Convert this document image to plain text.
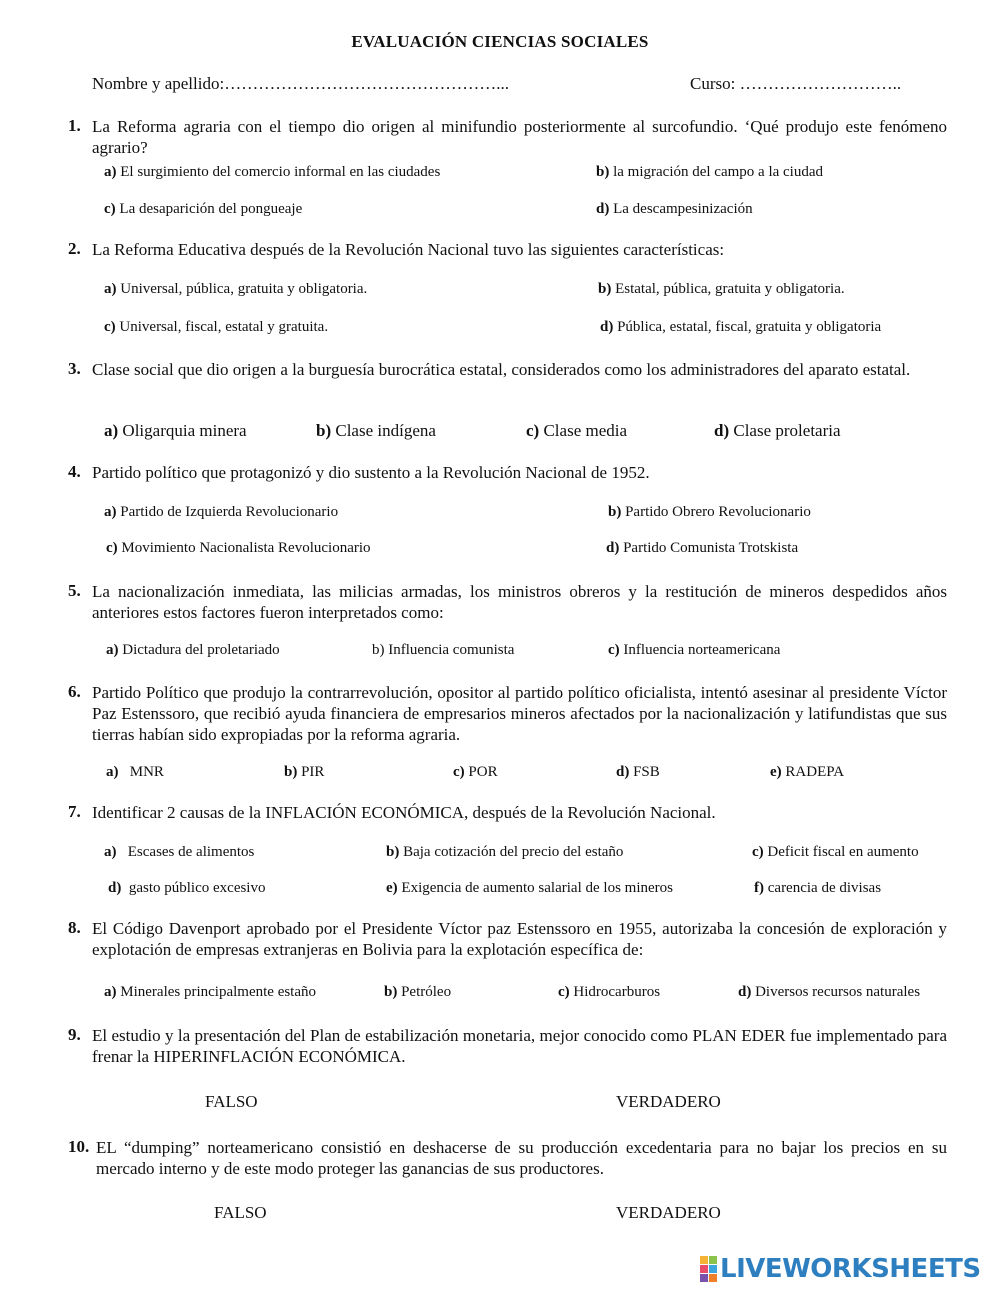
EVALUACIÓN CIENCIAS SOCIALES
Nombre y apellido:…………………………………………...	Curso: ………………………..
1. La Reforma agraria con el tiempo dio origen al minifundio posteriormente al surcofundio. ‘Qué produjo este fenómeno agrario?
a) El surgimiento del comercio informal en las ciudades	b) la migración del campo a la ciudad
c) La desaparición del pongueaje	d) La descampesinización
2. La Reforma Educativa después de la Revolución Nacional tuvo las siguientes características:
a) Universal, pública, gratuita y obligatoria.	b) Estatal, pública, gratuita y obligatoria.
c) Universal, fiscal, estatal y gratuita.	d) Pública, estatal, fiscal, gratuita y obligatoria
3. Clase social que dio origen a la burguesía burocrática estatal, considerados como los administradores del aparato estatal.
a) Oligarquia minera	b) Clase indígena	c) Clase media	d) Clase proletaria
4. Partido político que protagonizó y dio sustento a la Revolución Nacional de 1952.
a) Partido de Izquierda Revolucionario	b) Partido Obrero Revolucionario
c) Movimiento Nacionalista Revolucionario	d) Partido Comunista Trotskista
5. La nacionalización inmediata, las milicias armadas, los ministros obreros y la restitución de mineros despedidos años anteriores estos factores fueron interpretados como:
a) Dictadura del proletariado	b) Influencia comunista	c) Influencia norteamericana
6. Partido Político que produjo la contrarrevolución, opositor al partido político oficialista, intentó asesinar al presidente Víctor Paz Estenssoro, que recibió ayuda financiera de empresarios mineros afectados por la nacionalización y latifundistas que sus tierras habían sido expropiadas por la reforma agraria.
a)   MNR	b) PIR	c) POR	d) FSB	e) RADEPA
7. Identificar 2 causas de la INFLACIÓN ECONÓMICA, después de la Revolución Nacional.
a)   Escases de alimentos	b) Baja cotización del precio del estaño	c) Deficit fiscal en aumento
d)  gasto público excesivo	e) Exigencia de aumento salarial de los mineros	f) carencia de divisas
8. El Código Davenport aprobado por el Presidente Víctor paz Estenssoro en 1955, autorizaba la concesión de exploración y explotación de empresas extranjeras en Bolivia para la explotación específica de:
a) Minerales principalmente estaño	b) Petróleo	c) Hidrocarburos	d) Diversos recursos naturales
9. El estudio y la presentación del Plan de estabilización monetaria, mejor conocido como PLAN EDER fue implementado para frenar la HIPERINFLACIÓN ECONÓMICA.
FALSO	VERDADERO
10. EL “dumping” norteamericano consistió en deshacerse de su producción excedentaria para no bajar los precios en su mercado interno y de este modo proteger las ganancias de sus productores.
FALSO	VERDADERO
LIVEWORKSHEETS
